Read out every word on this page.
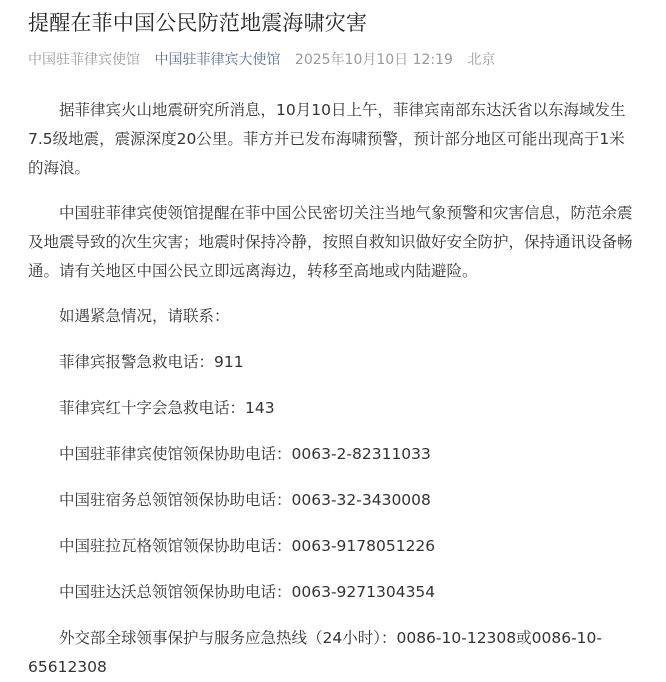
提醒在菲中国公民防范地震海啸灾害
中国驻菲律宾使馆 中国驻菲律宾大使馆 2025年10月10日 12:19 北京

据菲律宾火山地震研究所消息，10月10日上午，菲律宾南部东达沃省以东海域发生7.5级地震，震源深度20公里。菲方并已发布海啸预警，预计部分地区可能出现高于1米的海浪。

中国驻菲律宾使领馆提醒在菲中国公民密切关注当地气象预警和灾害信息，防范余震及地震导致的次生灾害；地震时保持冷静，按照自救知识做好安全防护，保持通讯设备畅通。请有关地区中国公民立即远离海边，转移至高地或内陆避险。

如遇紧急情况，请联系：

菲律宾报警急救电话：911

菲律宾红十字会急救电话：143

中国驻菲律宾使馆领保协助电话：0063-2-82311033

中国驻宿务总领馆领保协助电话：0063-32-3430008

中国驻拉瓦格领馆领保协助电话：0063-9178051226

中国驻达沃总领馆领保协助电话：0063-9271304354

外交部全球领事保护与服务应急热线（24小时）：0086-10-12308或0086-10-65612308
